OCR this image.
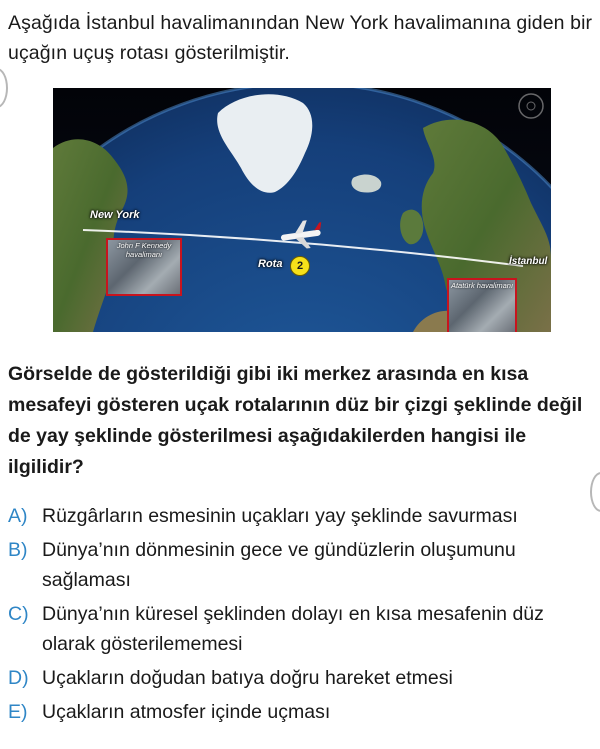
Aşağıda İstanbul havalimanından New York havalimanına giden bir uçağın uçuş rotası gösterilmiştir.
New York
İstanbul
Rota	2
John F Kennedy havalimanı
Atatürk havalimanı
Görselde de gösterildiği gibi iki merkez arasında en kısa mesafeyi gösteren uçak rotalarının düz bir çizgi şeklinde değil de yay şeklinde gösterilmesi aşağıdakilerden hangisi ile ilgilidir?
A) Rüzgârların esmesinin uçakları yay şeklinde savurması
B) Dünya’nın dönmesinin gece ve gündüzlerin oluşumunu sağlaması
C) Dünya’nın küresel şeklinden dolayı en kısa mesafenin düz olarak gösterilememesi
D) Uçakların doğudan batıya doğru hareket etmesi
E) Uçakların atmosfer içinde uçması
